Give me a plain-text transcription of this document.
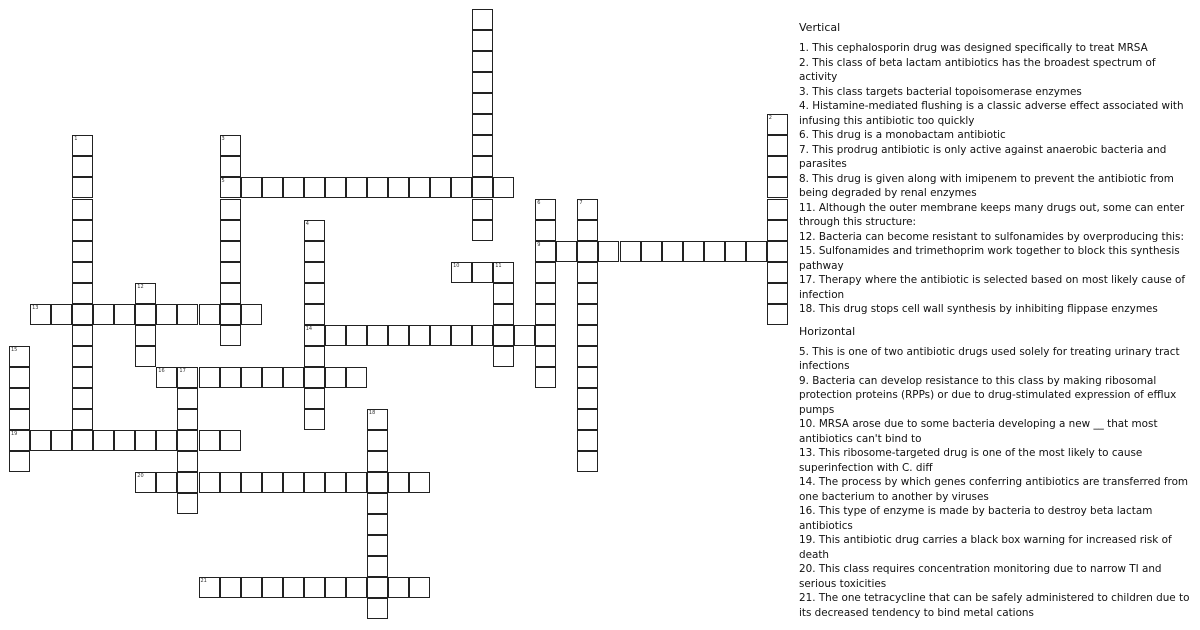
1
2
3
5
4
14
6
9
7
10	11
12
13
15
19
16	17
18
20
21
Vertical
1. This cephalosporin drug was designed specifically to treat MRSA
2. This class of beta lactam antibiotics has the broadest spectrum of activity
3. This class targets bacterial topoisomerase enzymes
4. Histamine-mediated flushing is a classic adverse effect associated with infusing this antibiotic too quickly
6. This drug is a monobactam antibiotic
7. This prodrug antibiotic is only active against anaerobic bacteria and parasites
8. This drug is given along with imipenem to prevent the antibiotic from being degraded by renal enzymes
11. Although the outer membrane keeps many drugs out, some can enter through this structure:
12. Bacteria can become resistant to sulfonamides by overproducing this:
15. Sulfonamides and trimethoprim work together to block this synthesis pathway
17. Therapy where the antibiotic is selected based on most likely cause of infection
18. This drug stops cell wall synthesis by inhibiting flippase enzymes
Horizontal
5. This is one of two antibiotic drugs used solely for treating urinary tract infections
9. Bacteria can develop resistance to this class by making ribosomal protection proteins (RPPs) or due to drug-stimulated expression of efflux pumps
10. MRSA arose due to some bacteria developing a new __ that most antibiotics can't bind to
13. This ribosome-targeted drug is one of the most likely to cause superinfection with C. diff
14. The process by which genes conferring antibiotics are transferred from one bacterium to another by viruses
16. This type of enzyme is made by bacteria to destroy beta lactam antibiotics
19. This antibiotic drug carries a black box warning for increased risk of death
20. This class requires concentration monitoring due to narrow TI and serious toxicities
21. The one tetracycline that can be safely administered to children due to its decreased tendency to bind metal cations
